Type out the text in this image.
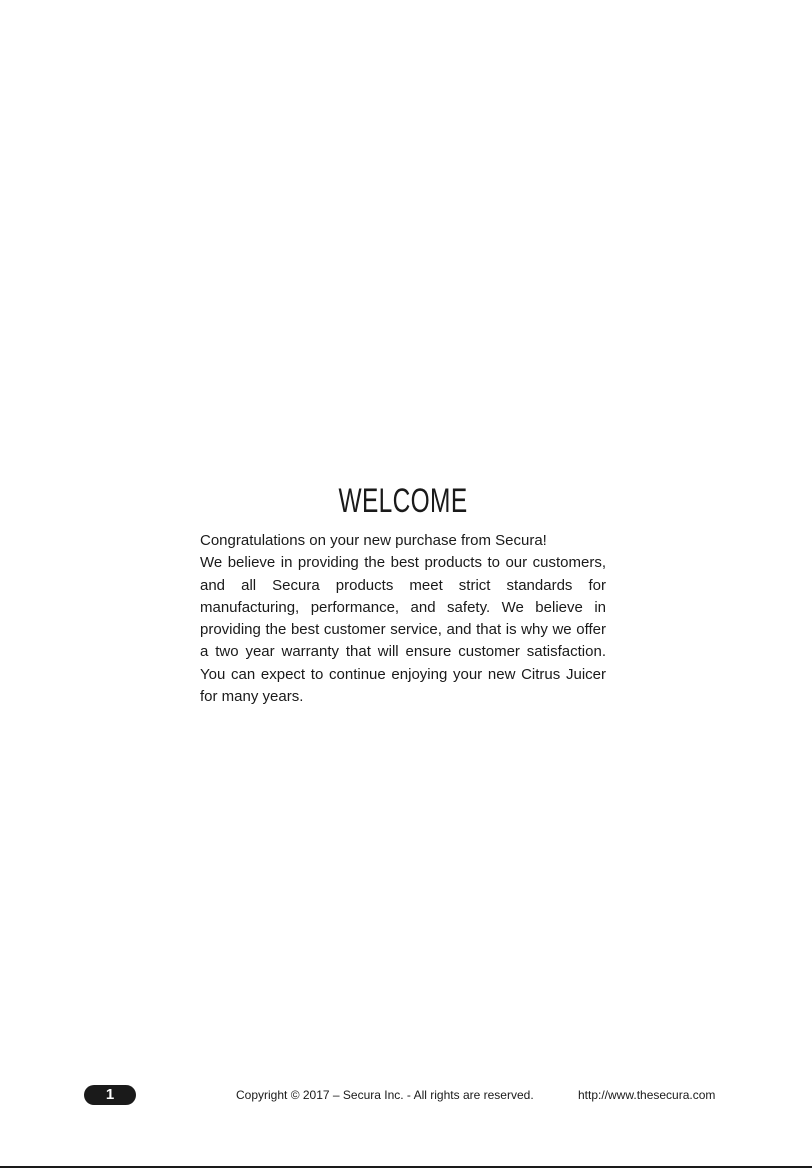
WELCOME

Congratulations on your new purchase from Secura!

We believe in providing the best products to our customers, and all Secura products meet strict standards for manufacturing, performance, and safety. We believe in providing the best customer service, and that is why we offer a two year warranty that will ensure customer satisfaction. You can expect to continue enjoying your new Citrus Juicer for many years.

1	Copyright © 2017 – Secura Inc. - All rights are reserved.	http://www.thesecura.com
